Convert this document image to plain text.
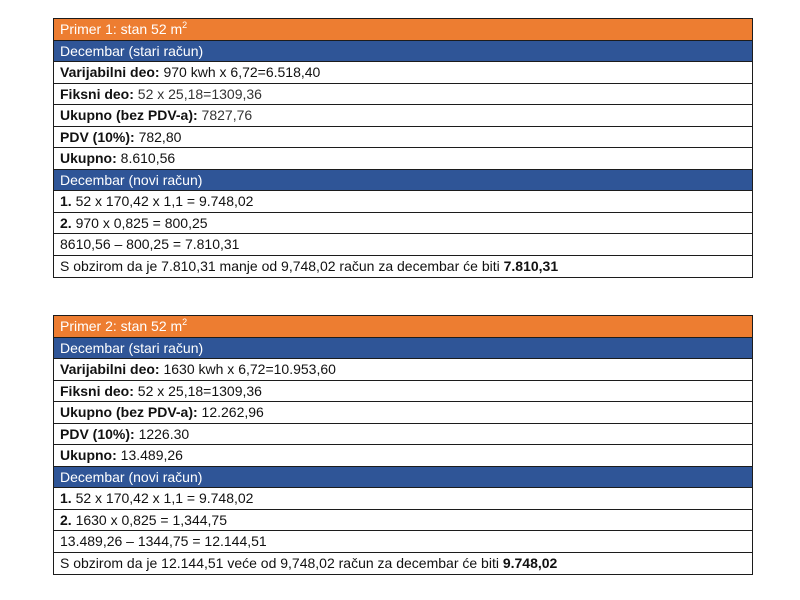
Primer 1: stan 52 $m^2$
Decembar (stari račun)
Varijabilni deo: 970 kwh x 6,72=6.518,40
Fiksni deo: 52 x 25,18=1309,36
Ukupno (bez PDV-a): 7827,76
PDV (10%): 782,80
Ukupno: 8.610,56
Decembar (novi račun)
1. 52 x 170,42 x 1,1 = 9.748,02
2. 970 x 0,825 = 800,25
8610,56 – 800,25 = 7.810,31
S obzirom da je 7.810,31 manje od 9,748,02 račun za decembar će biti 7.810,31
Primer 2: stan 52 $m^2$
Decembar (stari račun)
Varijabilni deo: 1630 kwh x 6,72=10.953,60
Fiksni deo: 52 x 25,18=1309,36
Ukupno (bez PDV-a): 12.262,96
PDV (10%): 1226.30
Ukupno: 13.489,26
Decembar (novi račun)
1. 52 x 170,42 x 1,1 = 9.748,02
2. 1630 x 0,825 = 1,344,75
13.489,26 – 1344,75 = 12.144,51
S obzirom da je 12.144,51 veće od 9,748,02 račun za decembar će biti 9.748,02
